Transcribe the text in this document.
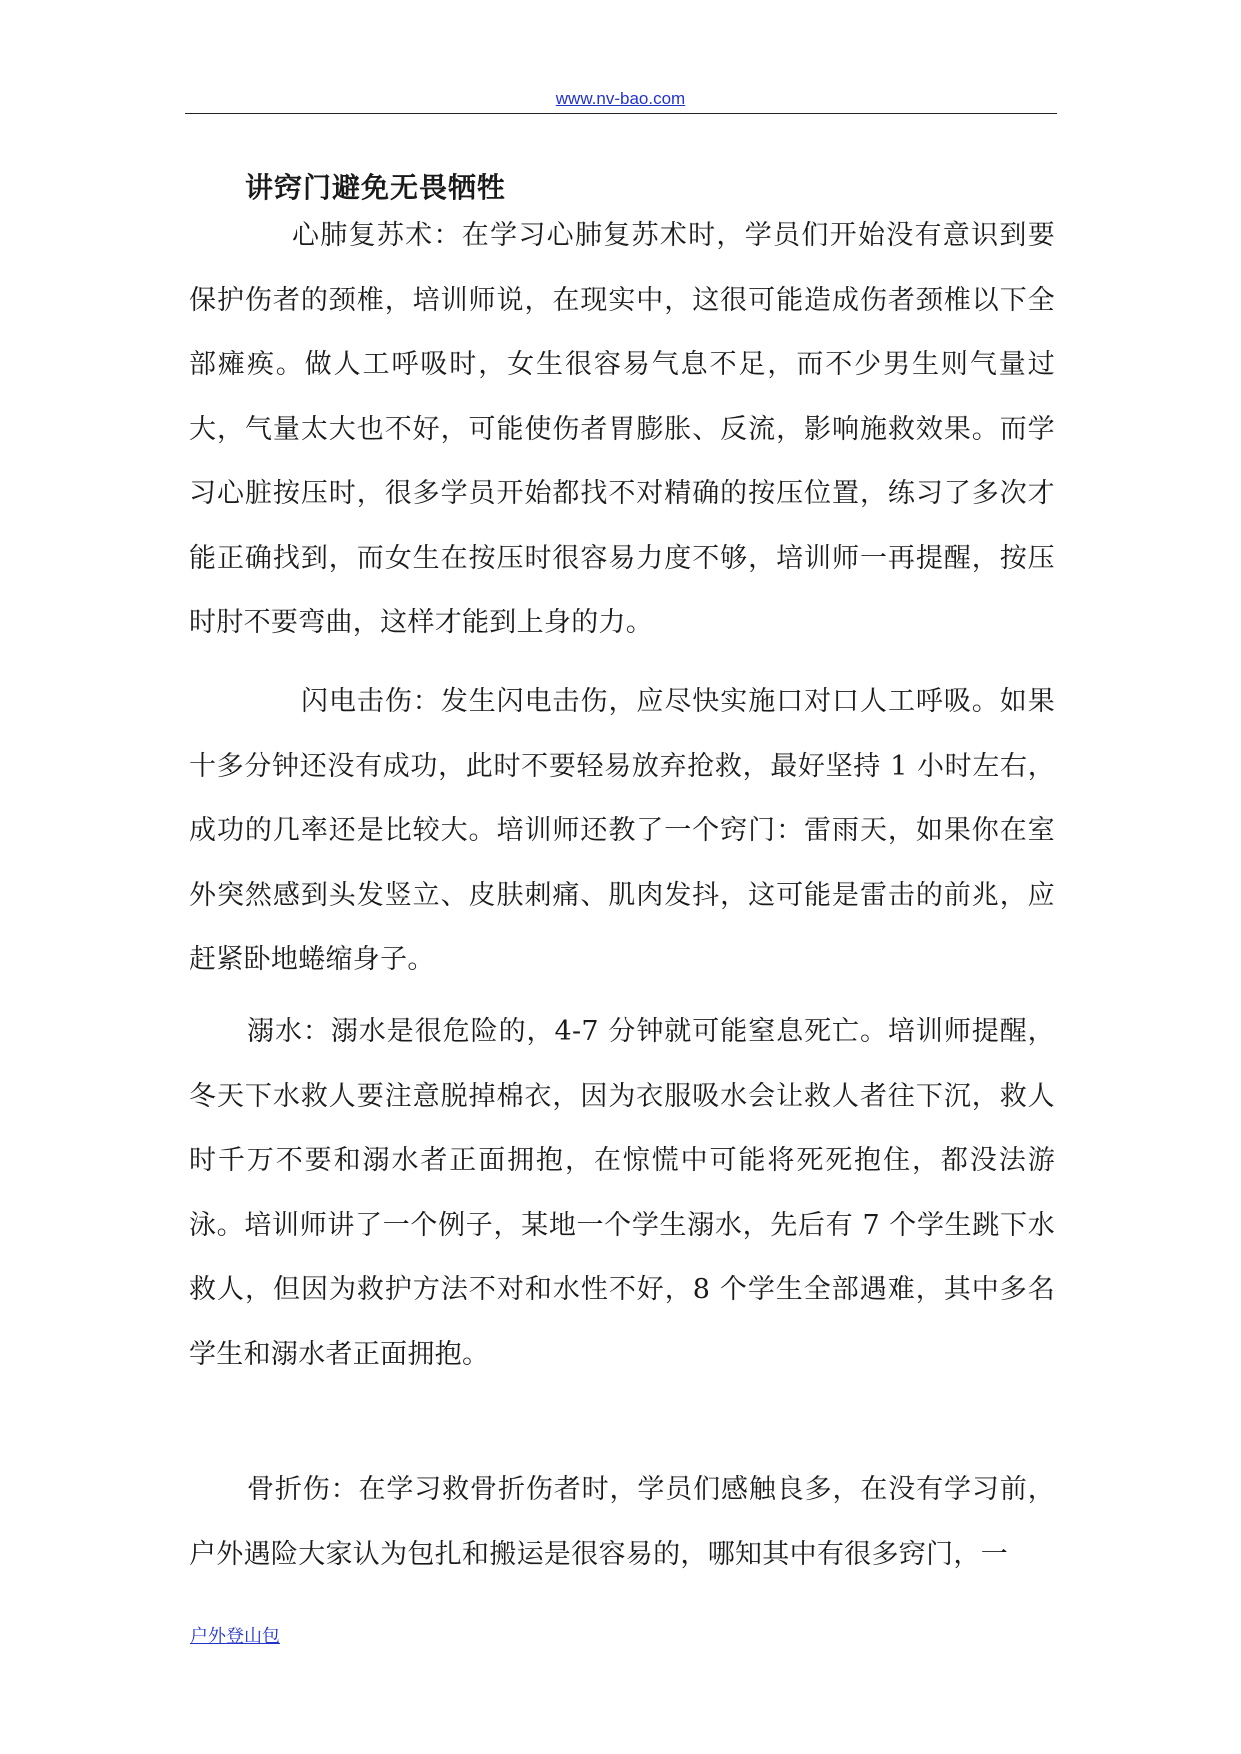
www.nv-bao.com
讲窍门避免无畏牺牲

心肺复苏术：在学习心肺复苏术时，学员们开始没有意识到要保护伤者的颈椎，培训师说，在现实中，这很可能造成伤者颈椎以下全部瘫痪。做人工呼吸时，女生很容易气息不足，而不少男生则气量过大，气量太大也不好，可能使伤者胃膨胀、反流，影响施救效果。而学习心脏按压时，很多学员开始都找不对精确的按压位置，练习了多次才能正确找到，而女生在按压时很容易力度不够，培训师一再提醒，按压时肘不要弯曲，这样才能到上身的力。

闪电击伤：发生闪电击伤，应尽快实施口对口人工呼吸。如果十多分钟还没有成功，此时不要轻易放弃抢救，最好坚持 1 小时左右，成功的几率还是比较大。培训师还教了一个窍门：雷雨天，如果你在室外突然感到头发竖立、皮肤刺痛、肌肉发抖，这可能是雷击的前兆，应赶紧卧地蜷缩身子。

溺水：溺水是很危险的，4-7 分钟就可能窒息死亡。培训师提醒，冬天下水救人要注意脱掉棉衣，因为衣服吸水会让救人者往下沉，救人时千万不要和溺水者正面拥抱，在惊慌中可能将死死抱住，都没法游泳。培训师讲了一个例子，某地一个学生溺水，先后有 7 个学生跳下水救人，但因为救护方法不对和水性不好，8 个学生全部遇难，其中多名学生和溺水者正面拥抱。

骨折伤：在学习救骨折伤者时，学员们感触良多，在没有学习前，户外遇险大家认为包扎和搬运是很容易的，哪知其中有很多窍门，一

户外登山包
